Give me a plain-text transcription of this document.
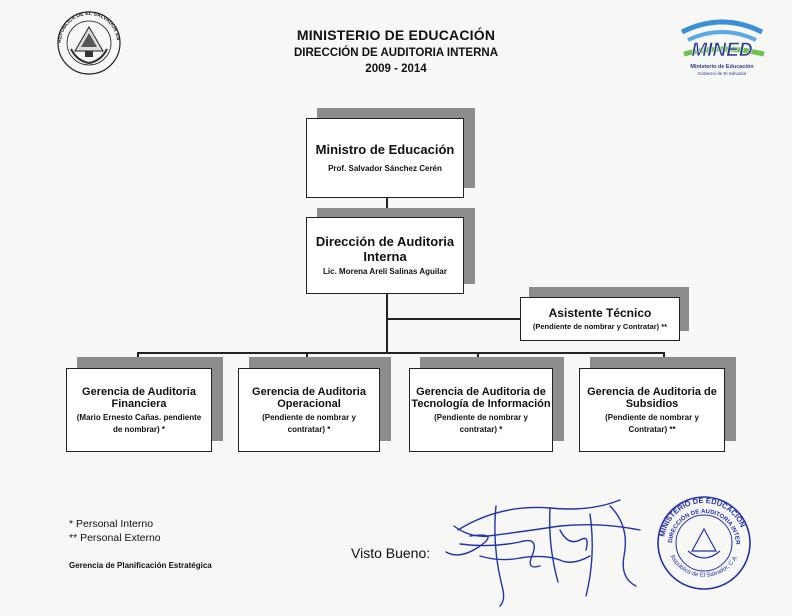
REPUBLICA DE EL SALVADOR EN	MINISTERIO DE EDUCACIÓN
DIRECCIÓN DE AUDITORIA INTERNA
2009 - 2014
MINED
Ministerio de Educación
Gobierno de El Salvador
Ministro de Educación
Prof. Salvador Sánchez Cerén
Dirección de Auditoria
Interna
Lic. Morena Areli Salinas Aguilar
Asistente Técnico
(Pendiente de nombrar y Contratar) **
Gerencia de Auditoria
Financiera
(Mario Ernesto Cañas. pendiente
de nombrar) *
Gerencia de Auditoria
Operacional
(Pendiente de nombrar y
contratar) *
Gerencia de Auditoria de
Tecnología de Información
(Pendiente de nombrar y
contratar) *
Gerencia de Auditoria de
Subsidios
(Pendiente de nombrar y
Contratar) **
* Personal Interno
** Personal Externo
Gerencia de Planificación Estratégica
Visto Bueno:
MINISTERIO DE EDUCACIÓN
DIRECCIÓN DE AUDITORIA INTER
República de El Salvador, C.A.
